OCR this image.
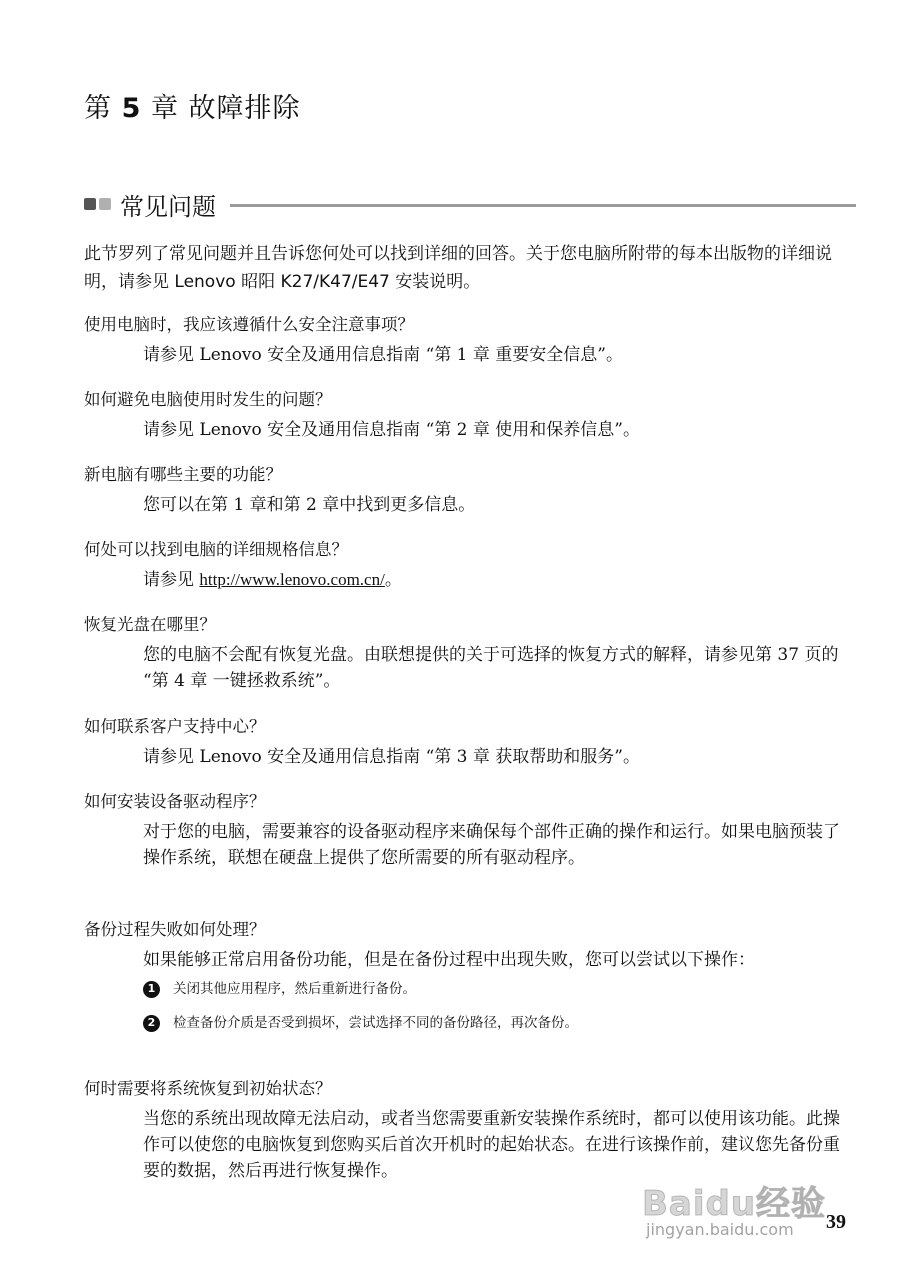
第 5 章 故障排除
常见问题

此节罗列了常见问题并且告诉您何处可以找到详细的回答。关于您电脑所附带的每本出版物的详细说明，请参见 Lenovo 昭阳 K27/K47/E47 安装说明。

使用电脑时，我应该遵循什么安全注意事项？

请参见 Lenovo 安全及通用信息指南 “第 1 章 重要安全信息”。

如何避免电脑使用时发生的问题？

请参见 Lenovo 安全及通用信息指南 “第 2 章 使用和保养信息”。

新电脑有哪些主要的功能？

您可以在第 1 章和第 2 章中找到更多信息。

何处可以找到电脑的详细规格信息？

请参见 http://www.lenovo.com.cn/。

恢复光盘在哪里？

您的电脑不会配有恢复光盘。由联想提供的关于可选择的恢复方式的解释，请参见第 37 页的 “第 4 章 一键拯救系统”。

如何联系客户支持中心？

请参见 Lenovo 安全及通用信息指南 “第 3 章 获取帮助和服务”。

如何安装设备驱动程序？

对于您的电脑，需要兼容的设备驱动程序来确保每个部件正确的操作和运行。如果电脑预装了操作系统，联想在硬盘上提供了您所需要的所有驱动程序。

备份过程失败如何处理？

如果能够正常启用备份功能，但是在备份过程中出现失败，您可以尝试以下操作：

1	关闭其他应用程序，然后重新进行备份。
2	检查备份介质是否受到损坏，尝试选择不同的备份路径，再次备份。

何时需要将系统恢复到初始状态？

当您的系统出现故障无法启动，或者当您需要重新安装操作系统时，都可以使用该功能。此操作可以使您的电脑恢复到您购买后首次开机时的起始状态。在进行该操作前，建议您先备份重要的数据，然后再进行恢复操作。

Baidu经验
jingyan.baidu.com 39
